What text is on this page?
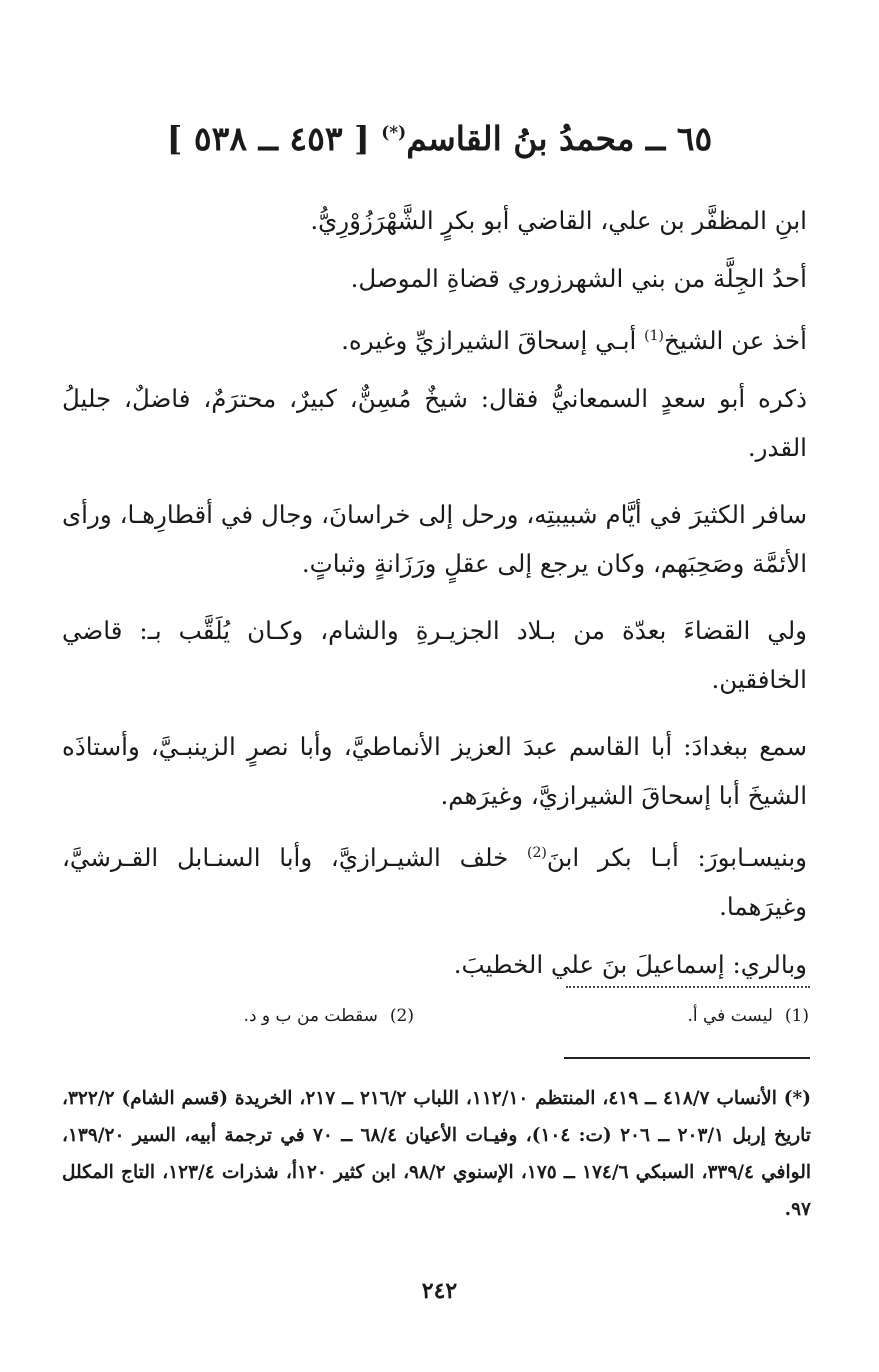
٦٥ ــ محمدُ بنُ القاسم(*) [ ٤٥٣ ــ ٥٣٨ ]

ابنِ المظفَّر بن علي، القاضي أبو بكرٍ الشَّهْرَزُوْرِيُّ.

أحدُ الجِلَّة من بني الشهرزوري قضاةِ الموصل.

أخذ عن الشيخ$^{(1)}$ أبـي إسحاقَ الشيرازيِّ وغيره.

ذكره أبو سعدٍ السمعانيُّ فقال: شيخٌ مُسِنٌّ، كبيرٌ، محترَمٌ، فاضلٌ، جليلُ القدر.

سافر الكثيرَ في أيَّام شبيبتِه، ورحل إلى خراسانَ، وجال في أقطارِهـا، ورأى الأئمَّة وصَحِبَهم، وكان يرجع إلى عقلٍ ورَزَانةٍ وثباتٍ.

ولي القضاءَ بعدّة من بـلاد الجزيـرةِ والشام، وكـان يُلَقَّب بـ: قاضي الخافقين.

سمع ببغدادَ: أبا القاسم عبدَ العزيز الأنماطيَّ، وأبا نصرٍ الزينبـيَّ، وأستاذَه الشيخَ أبا إسحاقَ الشيرازيَّ، وغيرَهم.

وبنيسـابورَ: أبـا بكر ابنَ$^{(2)}$ خلف الشيـرازيَّ، وأبا السنـابل القـرشيَّ، وغيرَهما.

وبالري: إسماعيلَ بنَ علي الخطيبَ.

(1)ليست في أ.
(2)سقطت من ب و د.
(*) الأنساب ٤١٨/٧ ــ ٤١٩، المنتظم ١١٢/١٠، اللباب ٢١٦/٢ ــ ٢١٧، الخريدة (قسم الشام) ٣٢٢/٢، تاريخ إربل ٢٠٣/١ ــ ٢٠٦ (ت: ١٠٤)، وفيـات الأعيان ٦٨/٤ ــ ٧٠ في ترجمة أبيه، السير ١٣٩/٢٠، الوافي ٣٣٩/٤، السبكي ١٧٤/٦ ــ ١٧٥، الإسنوي ٩٨/٢، ابن كثير ١٢٠أ، شذرات ١٢٣/٤، التاج المكلل ٩٧.
٢٤٢
